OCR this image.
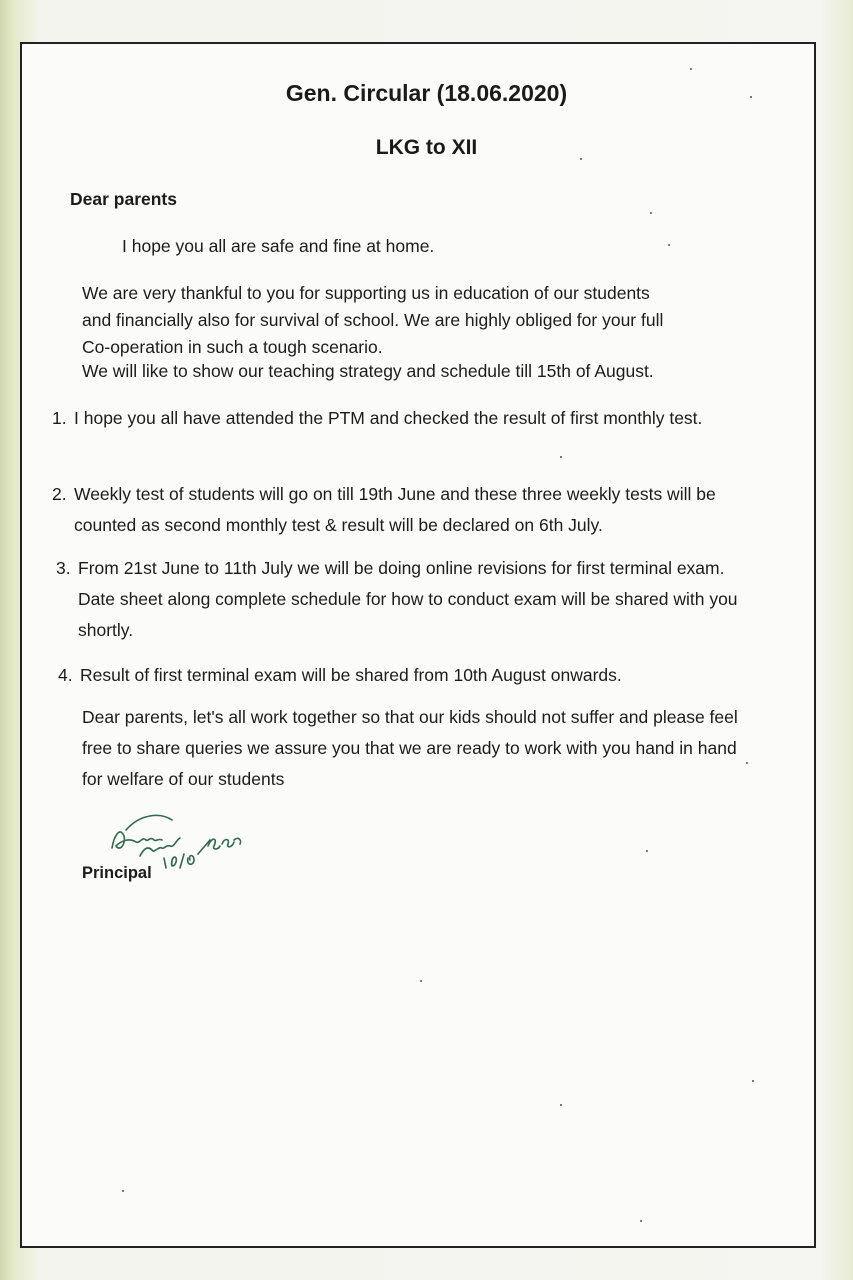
Gen. Circular (18.06.2020)
LKG to XII

Dear parents

I hope you all are safe and fine at home.

We are very thankful to you for supporting us in education of our students

and financially also for survival of school. We are highly obliged for your full

Co-operation in such a tough scenario.

We will like to show our teaching strategy and schedule till 15th of August.

1. I hope you all have attended the PTM and checked the result of first monthly test.
2. Weekly test of students will go on till 19th June and these three weekly tests will be counted as second monthly test & result will be declared on 6th July.
3. From 21st June to 11th July we will be doing online revisions for first terminal exam. Date sheet along complete schedule for how to conduct exam will be shared with you shortly.
4. Result of first terminal exam will be shared from 10th August onwards.

Dear parents, let's all work together so that our kids should not suffer and please feel free to share queries we assure you that we are ready to work with you hand in hand for welfare of our students

Principal
